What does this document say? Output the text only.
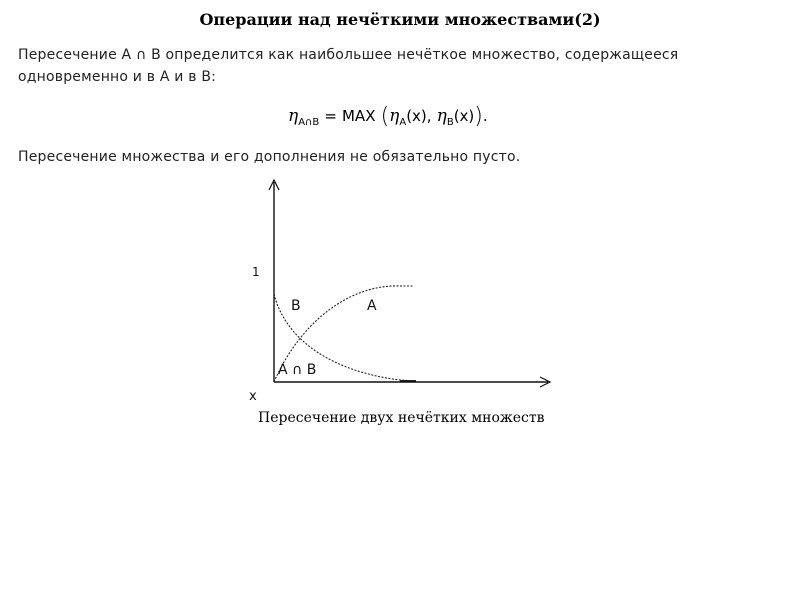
Операции над нечёткими множествами(2)
Пересечение A ∩ B определится как наибольшее нечёткое множество, содержащееся одновременно и в A и в B:
$\eta_{A\cap B}$ = MAX ($\eta_A(x)$, $\eta_B(x)$).
Пересечение множества и его дополнения не обязательно пусто.
1
B	A
A ∩ B
x
Пересечение двух нечётких множеств
